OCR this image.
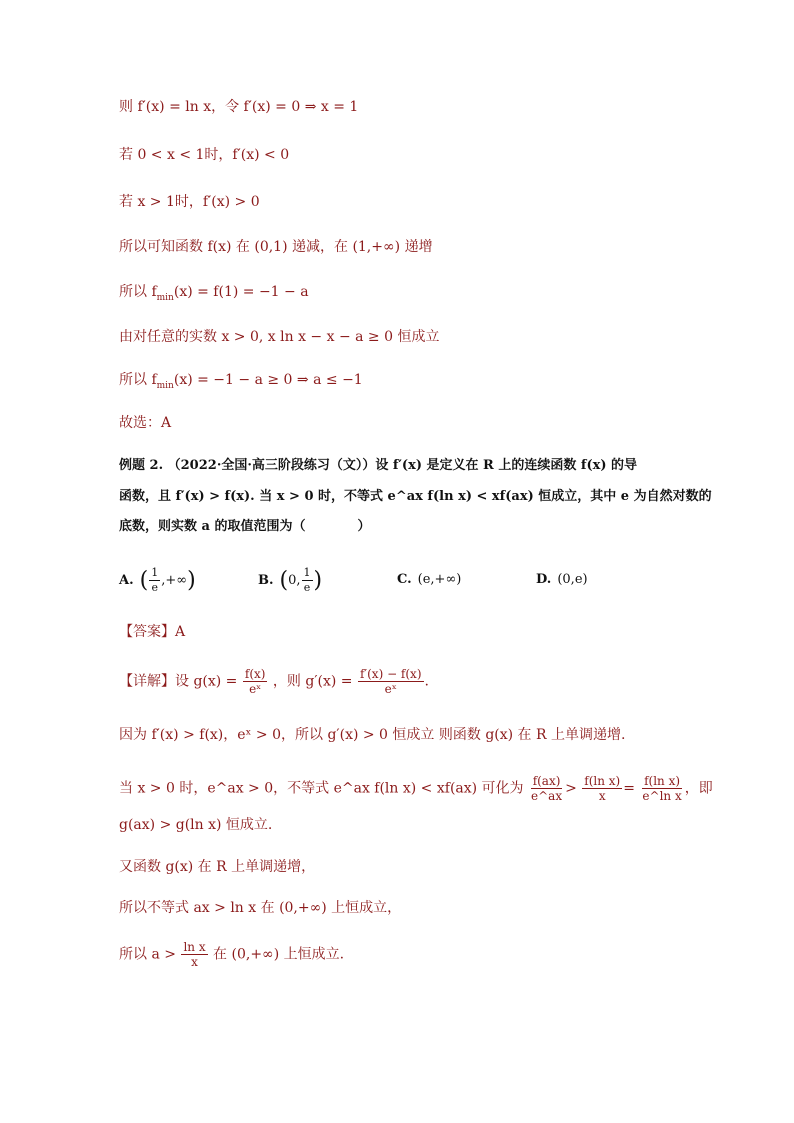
则 f′(x) = ln x，令 f′(x) = 0 ⇒ x = 1
若 0 < x < 1时，f′(x) < 0
若 x > 1时，f′(x) > 0
所以可知函数 f(x) 在 (0,1) 递减，在 (1,+∞) 递增
所以 $f_{min}(x) = f(1) = -1 - a$
由对任意的实数 x > 0, x ln x − x − a ≥ 0 恒成立
所以 $f_{min}(x) = -1 - a \ge 0$ ⇒ a ≤ −1
故选：A
例题 2. （2022·全国·高三阶段练习（文））设 f′(x) 是定义在 R 上的连续函数 f(x) 的导
函数，且 f′(x) > f(x). 当 x > 0 时，不等式 e^ax f(ln x) < xf(ax) 恒成立，其中 e 为自然对数的
底数，则实数 a 的取值范围为（　　　　）
A. ( $\frac{1}{e}$ ,+∞)	B. (0, $\frac{1}{e}$ )	C. (e,+∞)	D. (0,e)
【答案】A
【详解】设 $g(x) = \frac{f(x)}{\text{eˣ}}$ ，则 $g'(x) = \frac{f'(x) - f(x)}{\text{eˣ}}$ .
因为 f′(x) > f(x)，eˣ > 0，所以 g′(x) > 0 恒成立 则函数 g(x) 在 R 上单调递增.
当 x > 0 时，e^ax > 0，不等式 e^ax f(ln x) < xf(ax) 可化为 $\frac{f(ax)}{e\^{}ax} > \frac{\text{f(ln x)}}{x} = \frac{\text{f(ln x)}}{\text{e\textasciicircum{}ln x}}$ ，即
g(ax) > g(ln x) 恒成立.
又函数 g(x) 在 R 上单调递增，
所以不等式 ax > ln x 在 (0,+∞) 上恒成立，
所以 $a > \frac{\text{ln x}}{x}$ 在 (0,+∞) 上恒成立.
